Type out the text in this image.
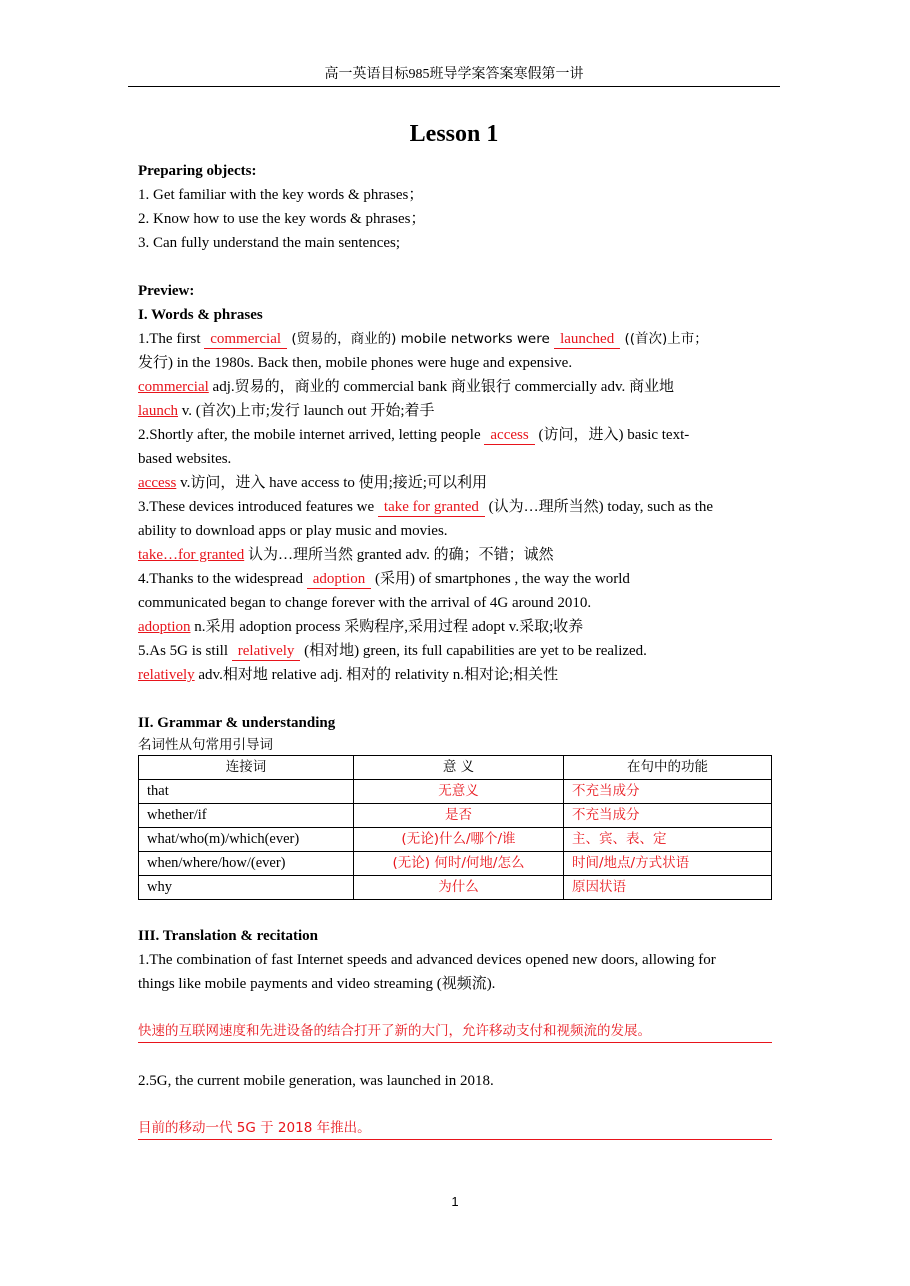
高一英语目标985班导学案答案寒假第一讲
Lesson 1
Preparing objects:
1. Get familiar with the key words & phrases；
2. Know how to use the key words & phrases；
3. Can fully understand the main sentences;
Preview:
I. Words & phrases
1.The first commercial (贸易的，商业的) mobile networks were launched ((首次)上市；
发行) in the 1980s. Back then, mobile phones were huge and expensive.
commercial adj.贸易的，商业的 commercial bank 商业银行 commercially adv. 商业地
launch v. (首次)上市;发行 launch out 开始;着手
2.Shortly after, the mobile internet arrived, letting people access (访问，进入) basic text-
based websites.
access v.访问，进入 have access to 使用;接近;可以利用
3.These devices introduced features we take for granted (认为…理所当然) today, such as the
ability to download apps or play music and movies.
take…for granted 认为…理所当然 granted adv. 的确；不错；诚然
4.Thanks to the widespread adoption (采用) of smartphones , the way the world
communicated began to change forever with the arrival of 4G around 2010.
adoption n.采用 adoption process 采购程序,采用过程 adopt v.采取;收养
5.As 5G is still relatively (相对地) green, its full capabilities are yet to be realized.
relatively adv.相对地 relative adj. 相对的 relativity n.相对论;相关性
II. Grammar & understanding
名词性从句常用引导词
连接词	意 义	在句中的功能
that	无意义	不充当成分
whether/if	是否	不充当成分
what/who(m)/which(ever)	(无论)什么/哪个/谁	主、宾、表、定
when/where/how/(ever)	(无论) 何时/何地/怎么	时间/地点/方式状语
why	为什么	原因状语
III. Translation & recitation
1.The combination of fast Internet speeds and advanced devices opened new doors, allowing for
things like mobile payments and video streaming (视频流).
快速的互联网速度和先进设备的结合打开了新的大门，允许移动支付和视频流的发展。
2.5G, the current mobile generation, was launched in 2018.
目前的移动一代 5G 于 2018 年推出。
1
